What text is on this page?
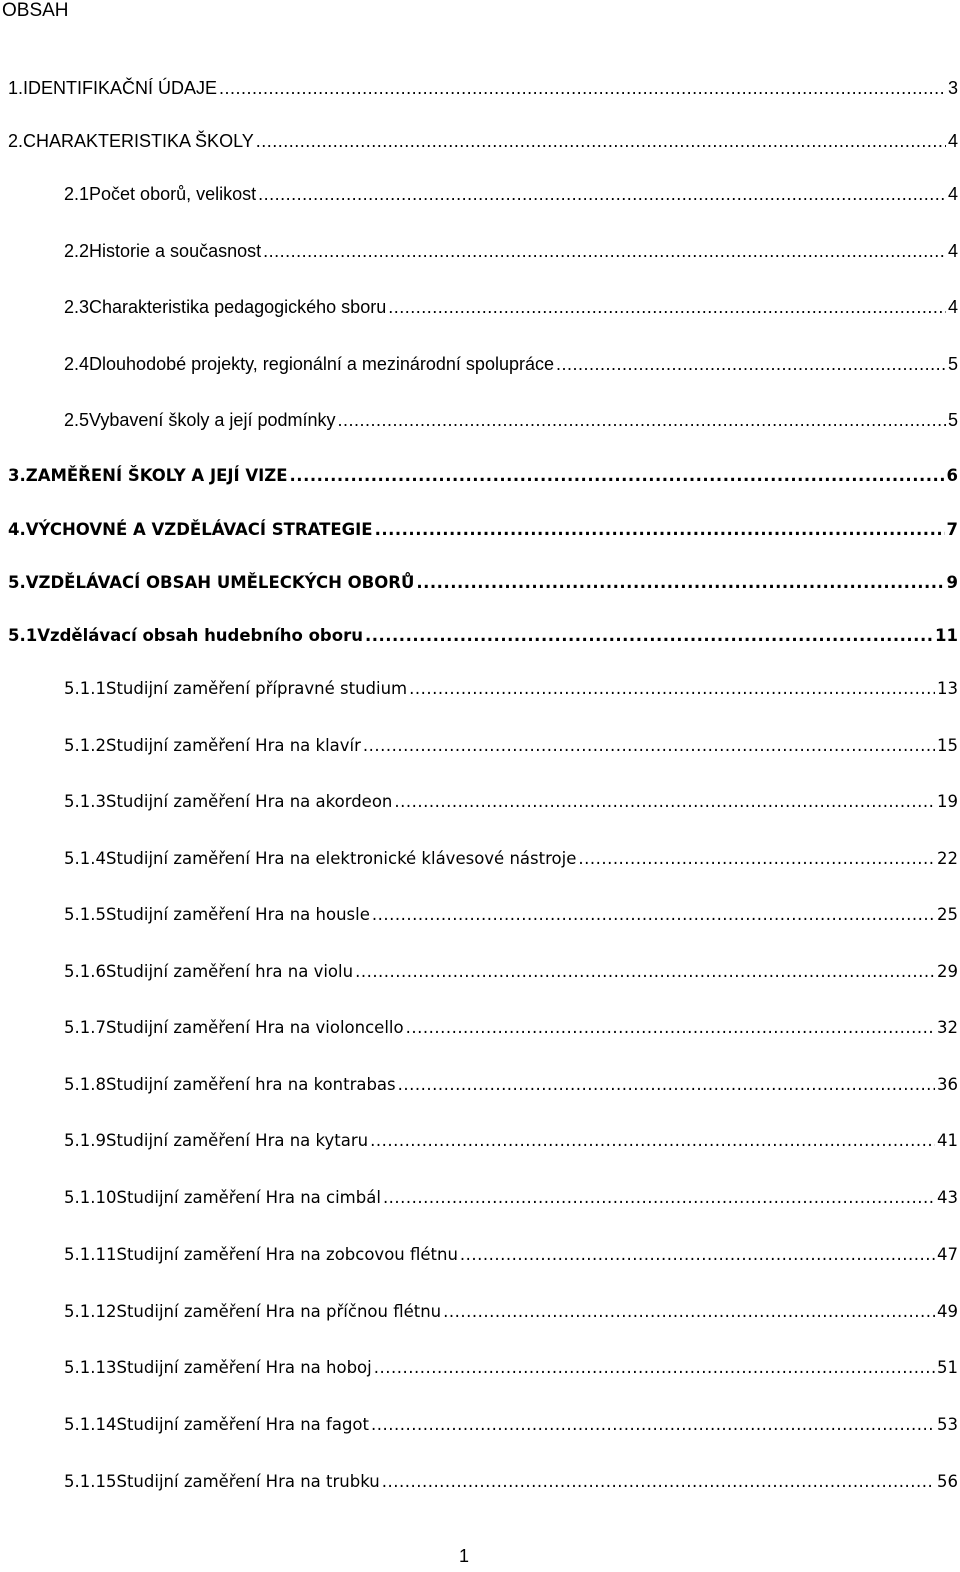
OBSAH
1. IDENTIFIKAČNÍ ÚDAJE .....	3
2. CHARAKTERISTIKA ŠKOLY .....	4
2.1 Počet oborů, velikost .....	4
2.2 Historie a současnost .....	4
2.3 Charakteristika pedagogického sboru .....	4
2.4 Dlouhodobé projekty, regionální a mezinárodní spolupráce .....	5
2.5 Vybavení školy a její podmínky .....	5
3. ZAMĚŘENÍ ŠKOLY A JEJÍ VIZE .....	6
4. VÝCHOVNÉ A VZDĚLÁVACÍ STRATEGIE .....	7
5. VZDĚLÁVACÍ OBSAH UMĚLECKÝCH OBORŮ .....	9
5.1 Vzdělávací obsah hudebního oboru .....	11
5.1.1 Studijní zaměření přípravné studium .....	13
5.1.2 Studijní zaměření Hra na klavír .....	15
5.1.3 Studijní zaměření Hra na akordeon .....	19
5.1.4 Studijní zaměření Hra na elektronické klávesové nástroje .....	22
5.1.5 Studijní zaměření Hra na housle .....	25
5.1.6 Studijní zaměření hra na violu .....	29
5.1.7 Studijní zaměření Hra na violoncello .....	32
5.1.8 Studijní zaměření hra na kontrabas .....	36
5.1.9 Studijní zaměření Hra na kytaru .....	41
5.1.10 Studijní zaměření Hra na cimbál .....	43
5.1.11 Studijní zaměření Hra na zobcovou flétnu .....	47
5.1.12 Studijní zaměření Hra na příčnou flétnu .....	49
5.1.13 Studijní zaměření Hra na hoboj .....	51
5.1.14 Studijní zaměření Hra na fagot .....	53
5.1.15 Studijní zaměření Hra na trubku .....	56
1
